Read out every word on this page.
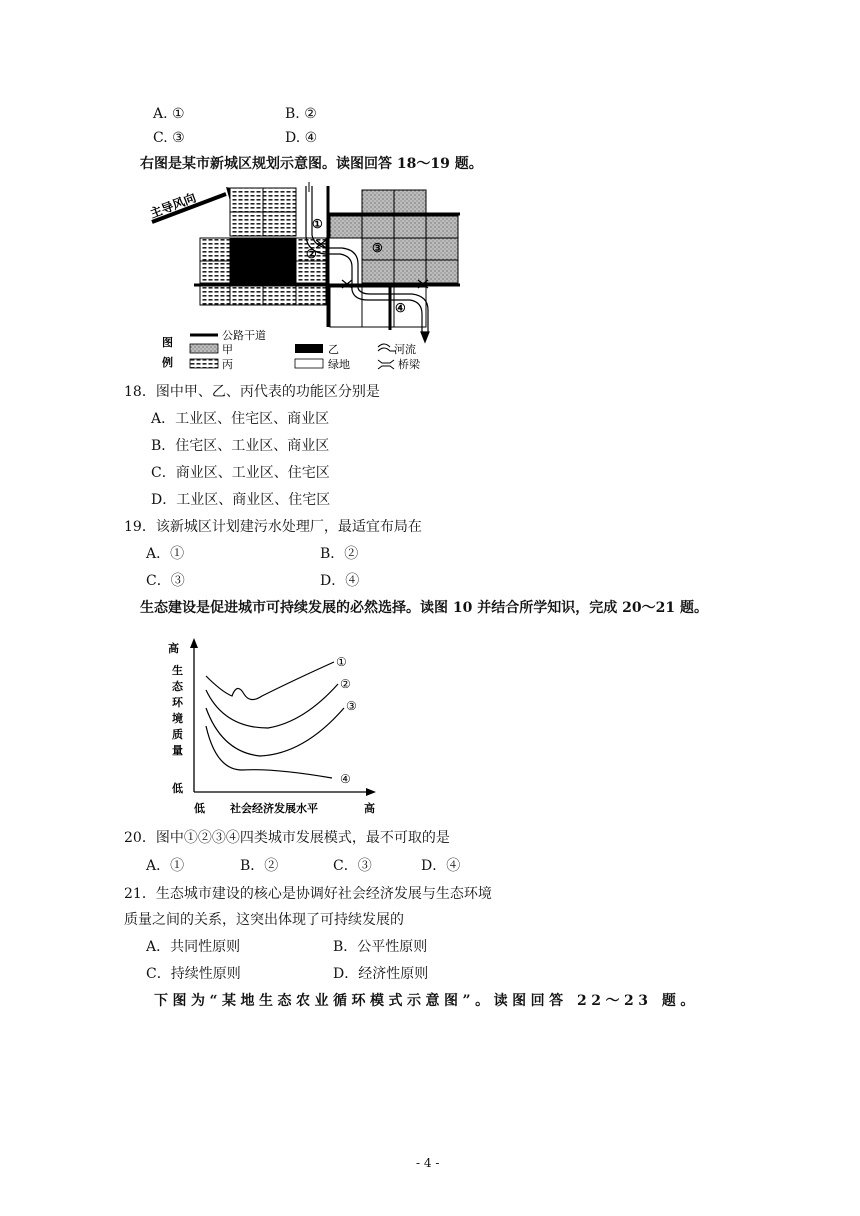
A. ①	B. ②
C. ③	D. ④
右图是某市新城区规划示意图。读图回答 18～19 题。
主导风向
①
②	③
④
图
例
公路干道
甲	乙	河流
丙	绿地	桥梁
18．图中甲、乙、丙代表的功能区分别是
A．工业区、住宅区、商业区
B．住宅区、工业区、商业区
C．商业区、工业区、住宅区
D．工业区、商业区、住宅区
19．该新城区计划建污水处理厂，最适宜布局在
A．①	B．②
C．③	D．④
生态建设是促进城市可持续发展的必然选择。读图 10 并结合所学知识，完成 20～21 题。
①
②
③
④
高
生
态
环
境
质
量
低
低 社会经济发展水平	高
20．图中①②③④四类城市发展模式，最不可取的是
A．①	B．②	C．③	D．④
21．生态城市建设的核心是协调好社会经济发展与生态环境
质量之间的关系，这突出体现了可持续发展的
A．共同性原则	B．公平性原则
C．持续性原则	D．经济性原则
下图为“某地生态农业循环模式示意图”。读图回答 22～23 题。
- 4 -
